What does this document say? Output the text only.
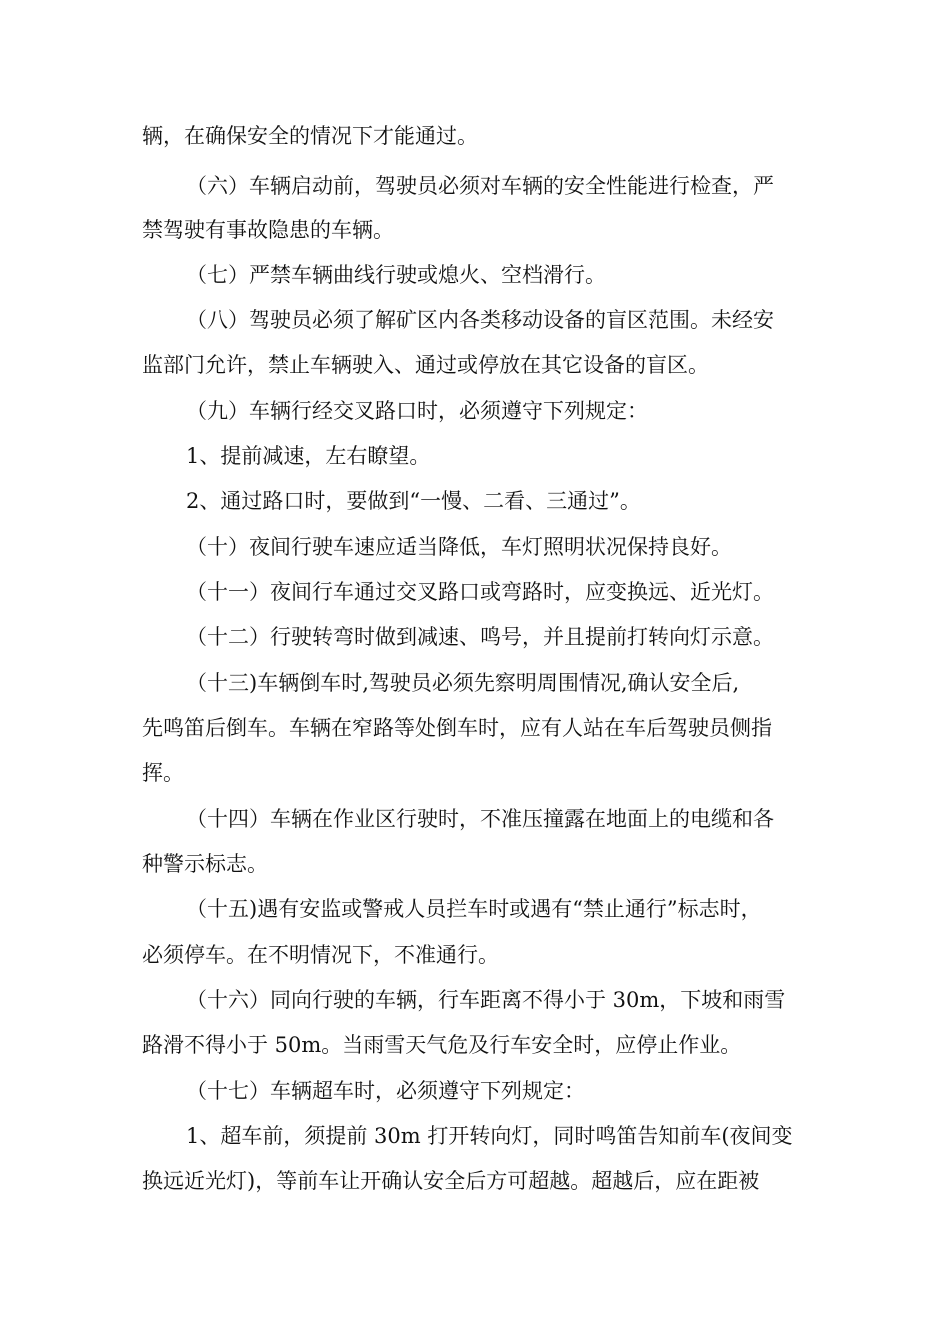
辆，在确保安全的情况下才能通过。

（六）车辆启动前，驾驶员必须对车辆的安全性能进行检查，严

禁驾驶有事故隐患的车辆。

（七）严禁车辆曲线行驶或熄火、空档滑行。

（八）驾驶员必须了解矿区内各类移动设备的盲区范围。未经安

监部门允许，禁止车辆驶入、通过或停放在其它设备的盲区。

（九）车辆行经交叉路口时，必须遵守下列规定：

1、提前减速，左右瞭望。

2、通过路口时，要做到“一慢、二看、三通过”。

（十）夜间行驶车速应适当降低，车灯照明状况保持良好。

（十一）夜间行车通过交叉路口或弯路时，应变换远、近光灯。

（十二）行驶转弯时做到减速、鸣号，并且提前打转向灯示意。

（十三)车辆倒车时,驾驶员必须先察明周围情况,确认安全后,

先鸣笛后倒车。车辆在窄路等处倒车时，应有人站在车后驾驶员侧指

挥。

（十四）车辆在作业区行驶时，不准压撞露在地面上的电缆和各

种警示标志。

（十五)遇有安监或警戒人员拦车时或遇有“禁止通行”标志时，

必须停车。在不明情况下，不准通行。

（十六）同向行驶的车辆，行车距离不得小于 30m，下坡和雨雪

路滑不得小于 50m。当雨雪天气危及行车安全时，应停止作业。

（十七）车辆超车时，必须遵守下列规定：

1、超车前，须提前 30m 打开转向灯，同时鸣笛告知前车(夜间变

换远近光灯)，等前车让开确认安全后方可超越。超越后，应在距被
